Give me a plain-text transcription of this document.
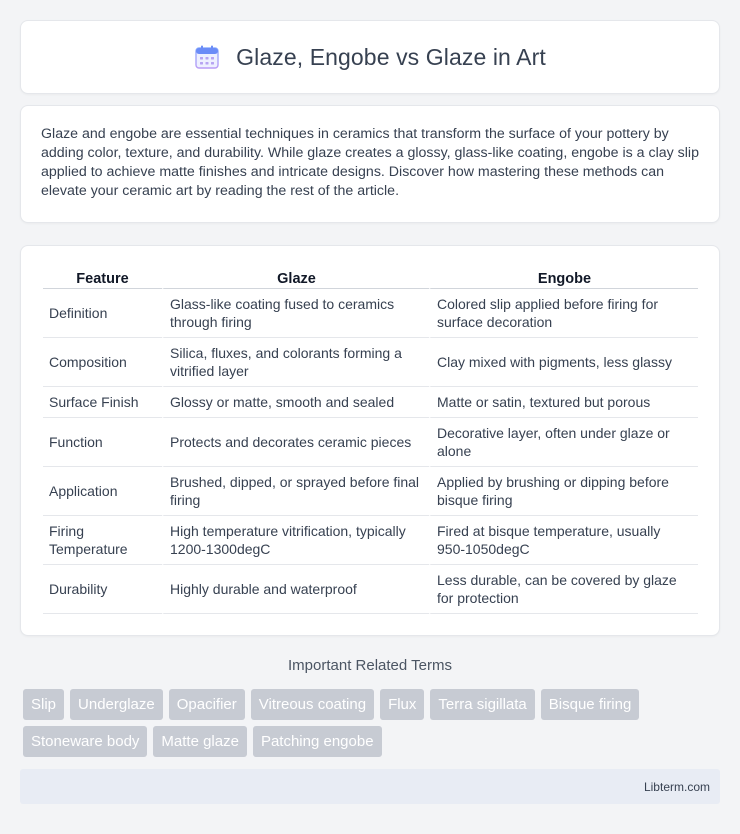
Glaze, Engobe vs Glaze in Art

Glaze and engobe are essential techniques in ceramics that transform the surface of your pottery by adding color, texture, and durability. While glaze creates a glossy, glass-like coating, engobe is a clay slip applied to achieve matte finishes and intricate designs. Discover how mastering these methods can elevate your ceramic art by reading the rest of the article.

Feature	Glaze	Engobe
Definition	Glass-like coating fused to ceramics through firing	Colored slip applied before firing for surface decoration
Composition	Silica, fluxes, and colorants forming a vitrified layer	Clay mixed with pigments, less glassy
Surface Finish	Glossy or matte, smooth and sealed	Matte or satin, textured but porous
Function	Protects and decorates ceramic pieces	Decorative layer, often under glaze or alone
Application	Brushed, dipped, or sprayed before final firing	Applied by brushing or dipping before bisque firing
Firing Temperature	High temperature vitrification, typically 1200-1300degC	Fired at bisque temperature, usually 950-1050degC
Durability	Highly durable and waterproof	Less durable, can be covered by glaze for protection
Important Related Terms
Slip	Underglaze	Opacifier	Vitreous coating	Flux	Terra sigillata	Bisque firing
Stoneware body	Matte glaze	Patching engobe
Libterm.com
